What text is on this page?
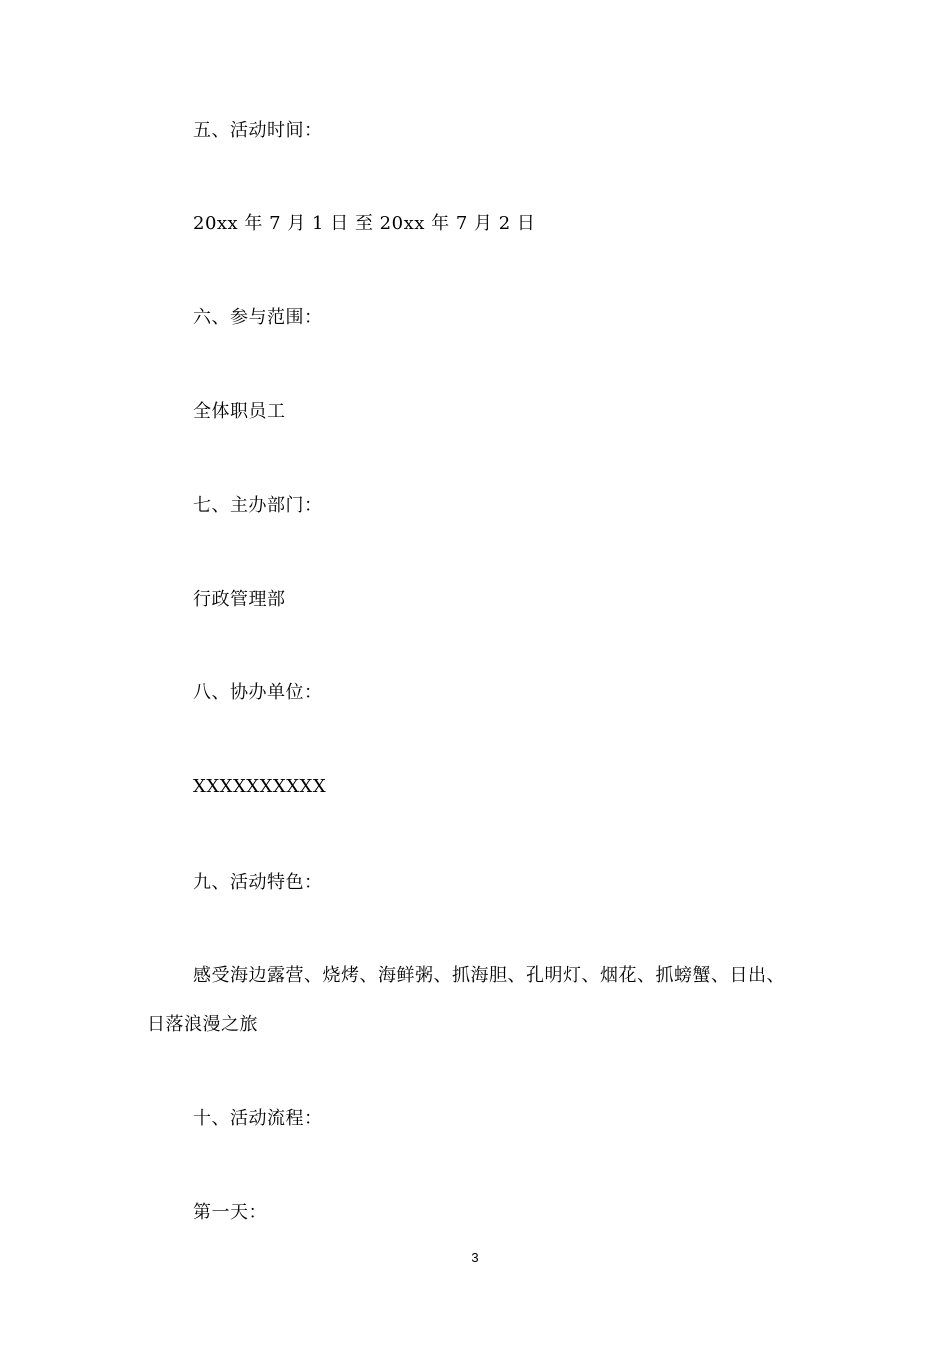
五、活动时间：
20xx 年 7 月 1 日 至 20xx 年 7 月 2 日
六、参与范围：
全体职员工
七、主办部门：
行政管理部
八、协办单位：
XXXXXXXXXX
九、活动特色：
感受海边露营、烧烤、海鲜粥、抓海胆、孔明灯、烟花、抓螃蟹、日出、
日落浪漫之旅
十、活动流程：
第一天：
3
